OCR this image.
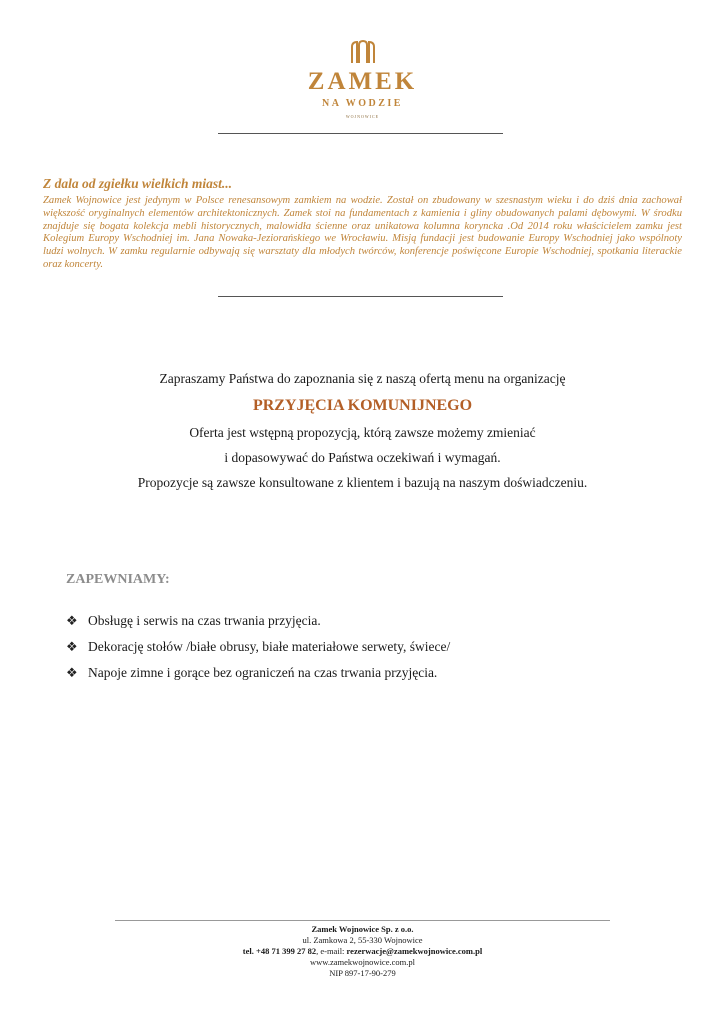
ZAMEK
NA WODZIE
WOJNOWICE
Z dala od zgiełku wielkich miast...
Zamek Wojnowice jest jedynym w Polsce renesansowym zamkiem na wodzie. Został on zbudowany w szesnastym wieku i do dziś dnia zachował większość oryginalnych elementów architektonicznych. Zamek stoi na fundamentach z kamienia i gliny obudowanych palami dębowymi. W środku znajduje się bogata kolekcja mebli historycznych, malowidła ścienne oraz unikatowa kolumna koryncka .Od 2014 roku właścicielem zamku jest Kolegium Europy Wschodniej im. Jana Nowaka-Jeziorańskiego we Wrocławiu. Misją fundacji jest budowanie Europy Wschodniej jako wspólnoty ludzi wolnych. W zamku regularnie odbywają się warsztaty dla młodych twórców, konferencje poświęcone Europie Wschodniej, spotkania literackie oraz koncerty.
Zapraszamy Państwa do zapoznania się z naszą ofertą menu na organizację
PRZYJĘCIA KOMUNIJNEGO
Oferta jest wstępną propozycją, którą zawsze możemy zmieniać
i dopasowywać do Państwa oczekiwań i wymagań.
Propozycje są zawsze konsultowane z klientem i bazują na naszym doświadczeniu.
ZAPEWNIAMY:
❖ Obsługę i serwis na czas trwania przyjęcia.
❖ Dekorację stołów /białe obrusy, białe materiałowe serwety, świece/
❖ Napoje zimne i gorące bez ograniczeń na czas trwania przyjęcia.
Zamek Wojnowice Sp. z o.o.
ul. Zamkowa 2, 55-330 Wojnowice
tel. +48 71 399 27 82, e-mail: rezerwacje@zamekwojnowice.com.pl
www.zamekwojnowice.com.pl
NIP 897-17-90-279
